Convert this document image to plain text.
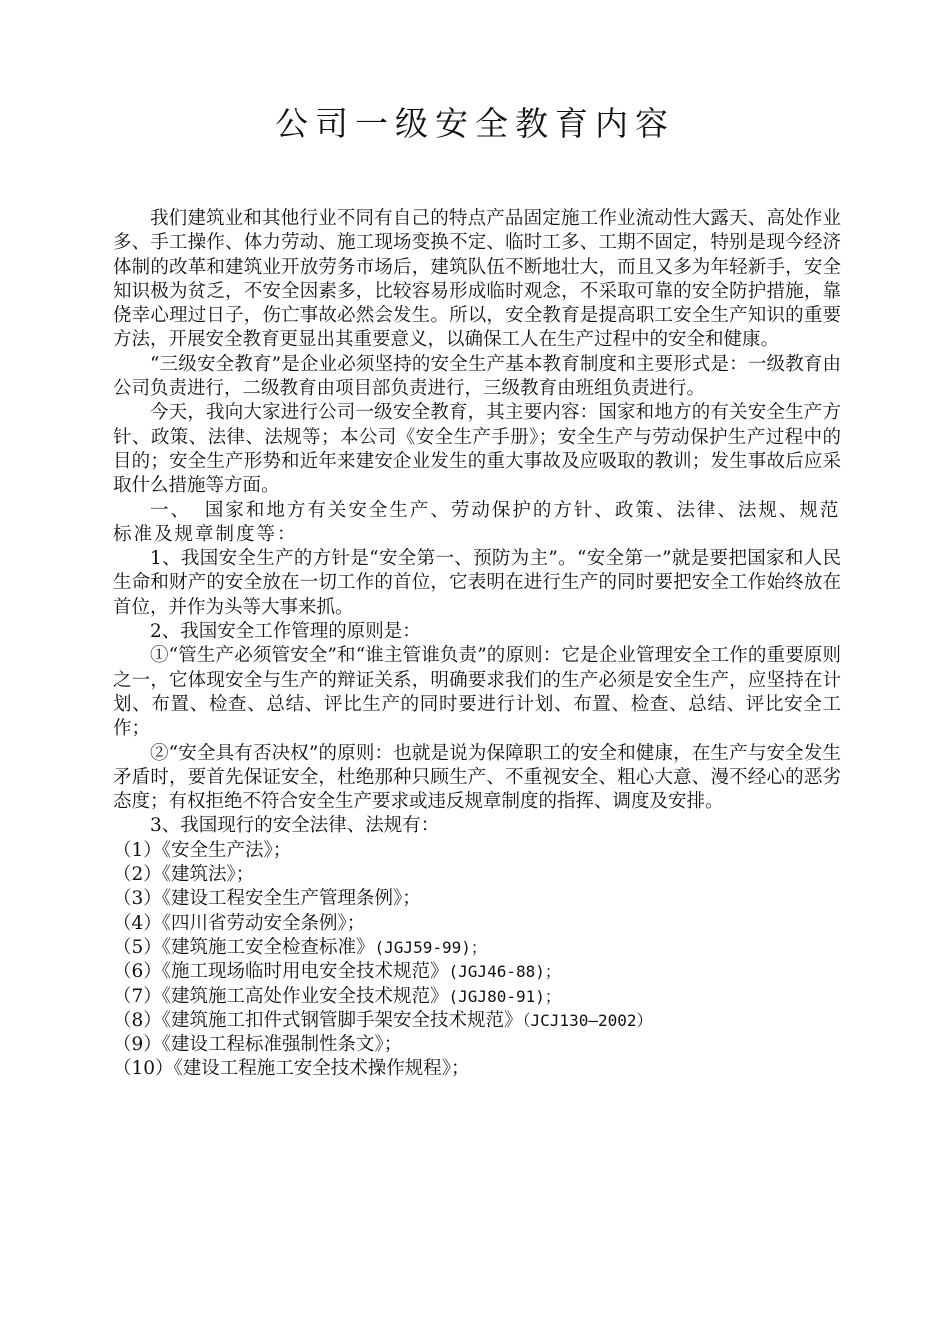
公司一级安全教育内容

我们建筑业和其他行业不同有自己的特点产品固定施工作业流动性大露天、高处作业多、手工操作、体力劳动、施工现场变换不定、临时工多、工期不固定，特别是现今经济体制的改革和建筑业开放劳务市场后，建筑队伍不断地壮大，而且又多为年轻新手，安全知识极为贫乏，不安全因素多，比较容易形成临时观念，不采取可靠的安全防护措施，靠侥幸心理过日子，伤亡事故必然会发生。所以，安全教育是提高职工安全生产知识的重要方法，开展安全教育更显出其重要意义，以确保工人在生产过程中的安全和健康。

“三级安全教育”是企业必须坚持的安全生产基本教育制度和主要形式是：一级教育由公司负责进行，二级教育由项目部负责进行，三级教育由班组负责进行。

今天，我向大家进行公司一级安全教育，其主要内容：国家和地方的有关安全生产方针、政策、法律、法规等；本公司《安全生产手册》；安全生产与劳动保护生产过程中的目的；安全生产形势和近年来建安企业发生的重大事故及应吸取的教训；发生事故后应采取什么措施等方面。

一、 国家和地方有关安全生产、劳动保护的方针、政策、法律、法规、规范标准及规章制度等：

1、我国安全生产的方针是“安全第一、预防为主”。“安全第一”就是要把国家和人民生命和财产的安全放在一切工作的首位，它表明在进行生产的同时要把安全工作始终放在首位，并作为头等大事来抓。

2、我国安全工作管理的原则是：

①“管生产必须管安全”和“谁主管谁负责”的原则：它是企业管理安全工作的重要原则之一，它体现安全与生产的辩证关系，明确要求我们的生产必须是安全生产，应坚持在计划、布置、检查、总结、评比生产的同时要进行计划、布置、检查、总结、评比安全工作；

②“安全具有否决权”的原则：也就是说为保障职工的安全和健康，在生产与安全发生矛盾时，要首先保证安全，杜绝那种只顾生产、不重视安全、粗心大意、漫不经心的恶劣态度；有权拒绝不符合安全生产要求或违反规章制度的指挥、调度及安排。

3、我国现行的安全法律、法规有：

（1）《安全生产法》；

（2）《建筑法》；

（3）《建设工程安全生产管理条例》；

（4）《四川省劳动安全条例》；

（5）《建筑施工安全检查标准》(JGJ59-99)；

（6）《施工现场临时用电安全技术规范》(JGJ46-88)；

（7）《建筑施工高处作业安全技术规范》(JGJ80-91)；

（8）《建筑施工扣件式钢管脚手架安全技术规范》（JCJ130—2002）

（9）《建设工程标准强制性条文》；

（10）《建设工程施工安全技术操作规程》；
